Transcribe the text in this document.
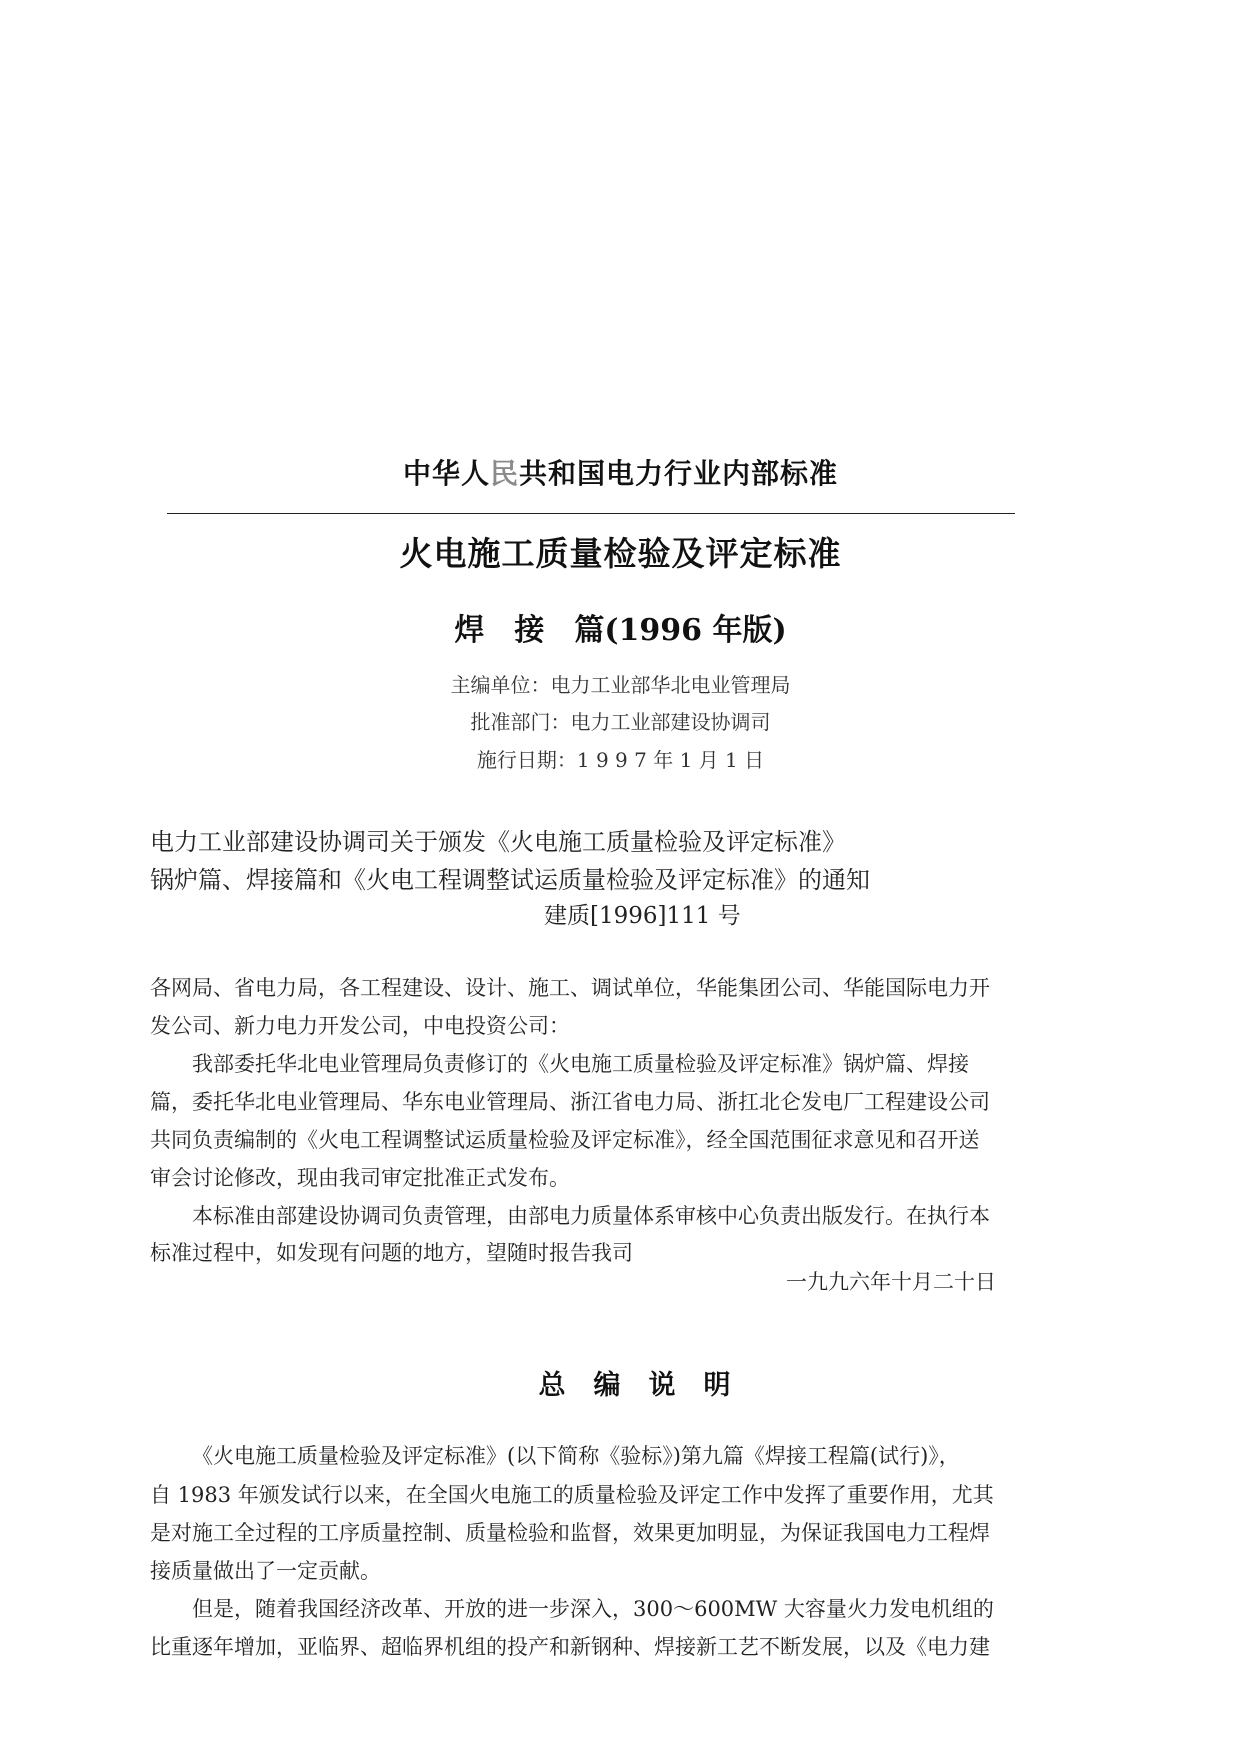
中华人民共和国电力行业内部标准
火电施工质量检验及评定标准
焊　接　篇(1996 年版)
主编单位：电力工业部华北电业管理局
批准部门：电力工业部建设协调司
施行日期：1 9 9 7 年 1 月 1 日
电力工业部建设协调司关于颁发《火电施工质量检验及评定标准》
锅炉篇、焊接篇和《火电工程调整试运质量检验及评定标准》的通知
建质[1996]111 号
各网局、省电力局，各工程建设、设计、施工、调试单位，华能集团公司、华能国际电力开
发公司、新力电力开发公司，中电投资公司：
我部委托华北电业管理局负责修订的《火电施工质量检验及评定标准》锅炉篇、焊接
篇，委托华北电业管理局、华东电业管理局、浙江省电力局、浙扛北仑发电厂工程建设公司
共同负责编制的《火电工程调整试运质量检验及评定标准》，经全国范围征求意见和召开送
审会讨论修改，现由我司审定批准正式发布。
本标准由部建设协调司负责管理，由部电力质量体系审核中心负责出版发行。在执行本
标准过程中，如发现有问题的地方，望随时报告我司
一九九六年十月二十日
总编说明
《火电施工质量检验及评定标准》(以下简称《验标》)第九篇《焊接工程篇(试行)》，
自 1983 年颁发试行以来，在全国火电施工的质量检验及评定工作中发挥了重要作用，尤其
是对施工全过程的工序质量控制、质量检验和监督，效果更加明显，为保证我国电力工程焊
接质量做出了一定贡献。
但是，随着我国经济改革、开放的进一步深入，300～600MW 大容量火力发电机组的
比重逐年增加，亚临界、超临界机组的投产和新钢种、焊接新工艺不断发展，以及《电力建
